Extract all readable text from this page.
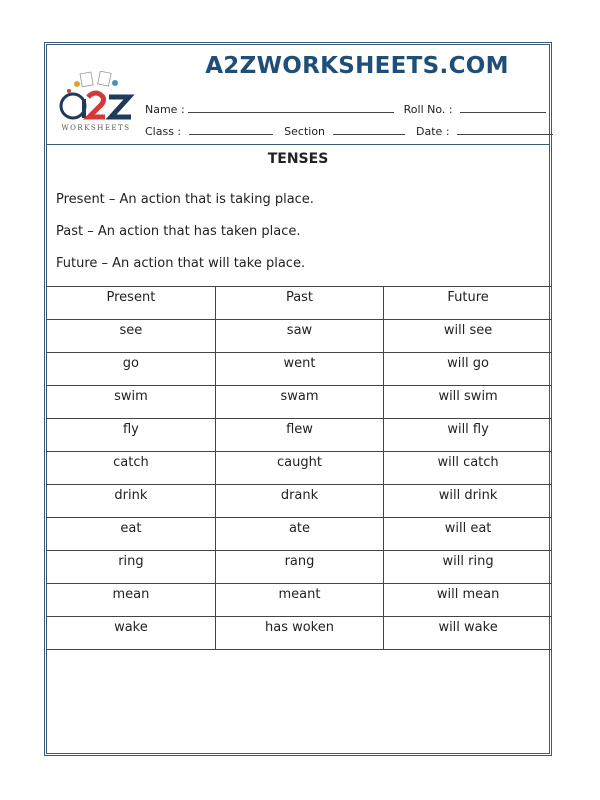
WORKSHEETS
A2ZWORKSHEETS.COM
Name :	Roll No. :
Class :	Section	Date :
TENSES
Present – An action that is taking place.
Past – An action that has taken place.
Future – An action that will take place.
Present	Past	Future
see	saw	will see
go	went	will go
swim	swam	will swim
fly	flew	will fly
catch	caught	will catch
drink	drank	will drink
eat	ate	will eat
ring	rang	will ring
mean	meant	will mean
wake	has woken	will wake
